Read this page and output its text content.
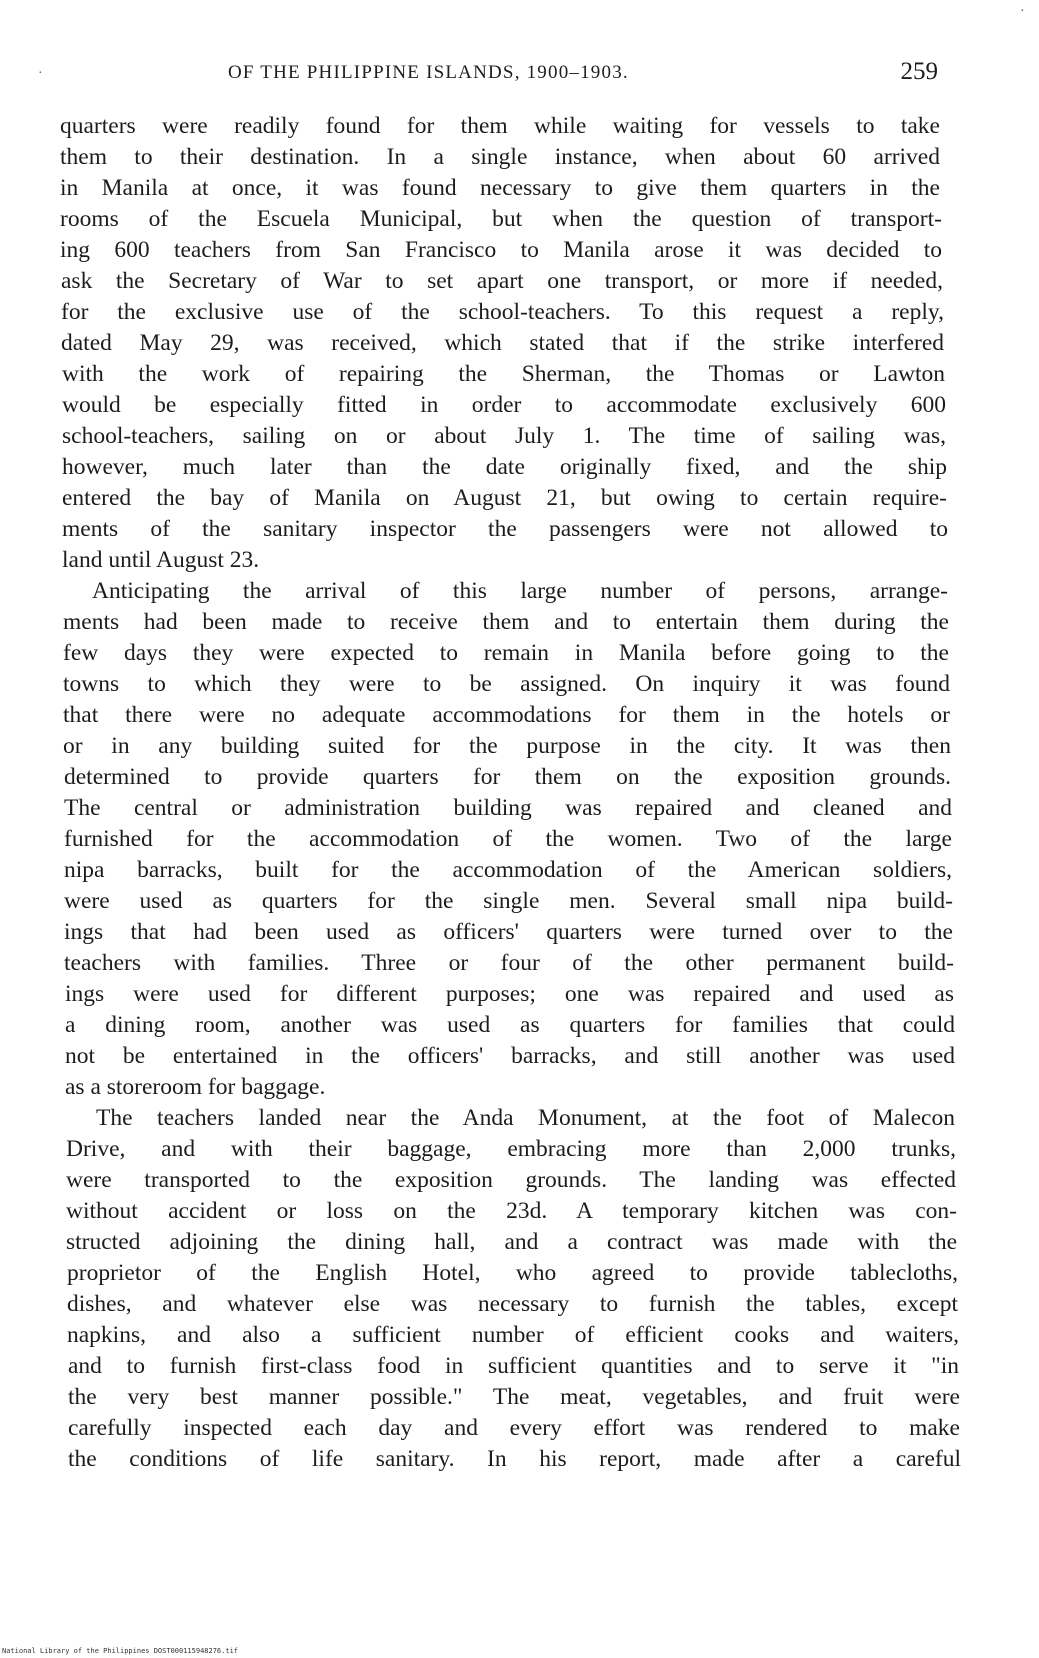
OF THE PHILIPPINE ISLANDS, 1900–1903.	259
·
·
quarters were readily found for them while waiting for vessels to take
them to their destination. In a single instance, when about 60 arrived
in Manila at once, it was found necessary to give them quarters in the
rooms of the Escuela Municipal, but when the question of transport-
ing 600 teachers from San Francisco to Manila arose it was decided to
ask the Secretary of War to set apart one transport, or more if needed,
for the exclusive use of the school-teachers. To this request a reply,
dated May 29, was received, which stated that if the strike interfered
with the work of repairing the Sherman, the Thomas or Lawton
would be especially fitted in order to accommodate exclusively 600
school-teachers, sailing on or about July 1. The time of sailing was,
however, much later than the date originally fixed, and the ship
entered the bay of Manila on August 21, but owing to certain require-
ments of the sanitary inspector the passengers were not allowed to
land until August 23.
Anticipating the arrival of this large number of persons, arrange-
ments had been made to receive them and to entertain them during the
few days they were expected to remain in Manila before going to the
towns to which they were to be assigned. On inquiry it was found
that there were no adequate accommodations for them in the hotels or
or in any building suited for the purpose in the city. It was then
determined to provide quarters for them on the exposition grounds.
The central or administration building was repaired and cleaned and
furnished for the accommodation of the women. Two of the large
nipa barracks, built for the accommodation of the American soldiers,
were used as quarters for the single men. Several small nipa build-
ings that had been used as officers' quarters were turned over to the
teachers with families. Three or four of the other permanent build-
ings were used for different purposes; one was repaired and used as
a dining room, another was used as quarters for families that could
not be entertained in the officers' barracks, and still another was used
as a storeroom for baggage.
The teachers landed near the Anda Monument, at the foot of Malecon
Drive, and with their baggage, embracing more than 2,000 trunks,
were transported to the exposition grounds. The landing was effected
without accident or loss on the 23d. A temporary kitchen was con-
structed adjoining the dining hall, and a contract was made with the
proprietor of the English Hotel, who agreed to provide tablecloths,
dishes, and whatever else was necessary to furnish the tables, except
napkins, and also a sufficient number of efficient cooks and waiters,
and to furnish first-class food in sufficient quantities and to serve it "in
the very best manner possible." The meat, vegetables, and fruit were
carefully inspected each day and every effort was rendered to make
the conditions of life sanitary. In his report, made after a careful
National Library of the Philippines DOST000115948276.tif
